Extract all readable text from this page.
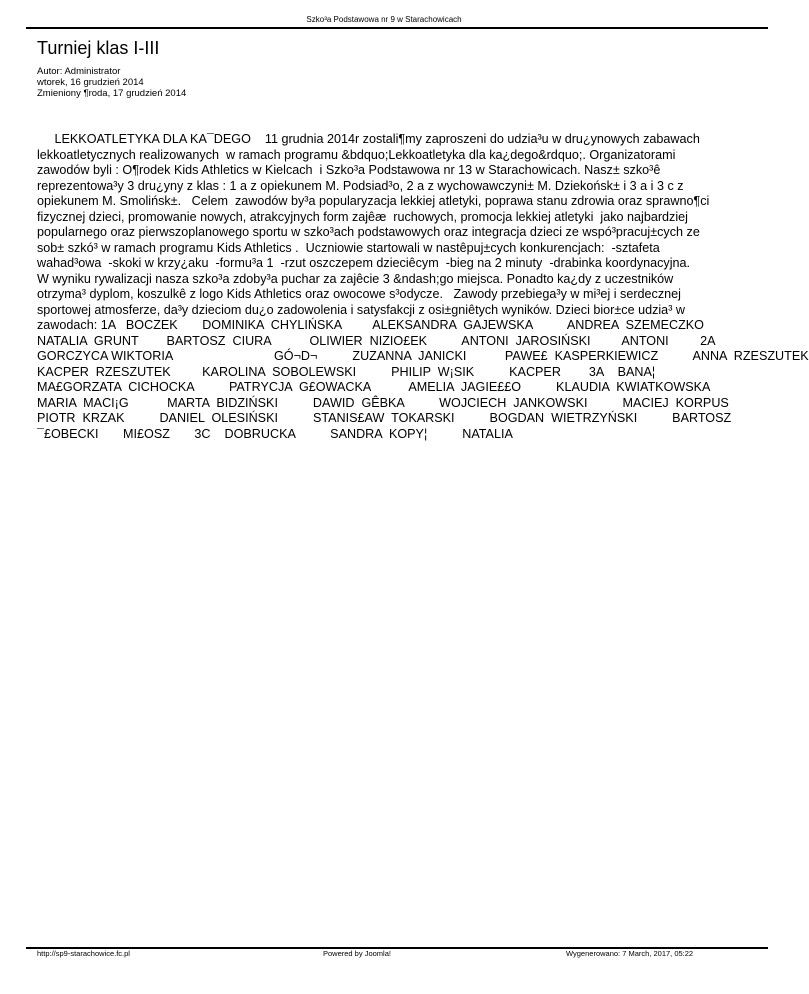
Szko³a Podstawowa nr 9 w Starachowicach
Turniej klas I-III
Autor: Administrator
wtorek, 16 grudzień 2014
Zmieniony ¶roda, 17 grudzień 2014
LEKKOATLETYKA DLA KA¯DEGO    11 grudnia 2014r zostali¶my zaproszeni do udzia³u w dru¿ynowych zabawach
lekkoatletycznych realizowanych  w ramach programu &bdquo;Lekkoatletyka dla ka¿dego&rdquo;. Organizatorami
zawodów byli : O¶rodek Kids Athletics w Kielcach  i Szko³a Podstawowa nr 13 w Starachowicach. Nasz± szko³ê
reprezentowa³y 3 dru¿yny z klas : 1 a z opiekunem M. Podsiad³o, 2 a z wychowawczyni± M. Dziekońsk± i 3 a i 3 c z
opiekunem M. Smolińsk±.   Celem  zawodów by³a popularyzacja lekkiej atletyki, poprawa stanu zdrowia oraz sprawno¶ci
fizycznej dzieci, promowanie nowych, atrakcyjnych form zajêæ  ruchowych, promocja lekkiej atletyki  jako najbardziej
popularnego oraz pierwszoplanowego sportu w szko³ach podstawowych oraz integracja dzieci ze wspó³pracuj±cych ze
sob± szkó³ w ramach programu Kids Athletics .  Uczniowie startowali w nastêpuj±cych konkurencjach:  -sztafeta
wahad³owa  -skoki w krzy¿aku  -formu³a 1  -rzut oszczepem dzieciêcym  -bieg na 2 minuty  -drabinka koordynacyjna.
W wyniku rywalizacji nasza szko³a zdoby³a puchar za zajêcie 3 &ndash;go miejsca. Ponadto ka¿dy z uczestników
otrzyma³ dyplom, koszulkê z logo Kids Athletics oraz owocowe s³odycze.   Zawody przebiega³y w mi³ej i serdecznej
sportowej atmosferze, da³y dzieciom du¿o zadowolenia i satysfakcji z osi±gniêtych wyników. Dzieci bior±ce udzia³ w
zawodach: 1A   BOCZEK       DOMINIKA  CHYLIŃSKA         ALEKSANDRA  GAJEWSKA          ANDREA  SZEMECZKO
NATALIA  GRUNT        BARTOSZ  CIURA           OLIWIER  NIZIO£EK          ANTONI  JAROSIŃSKI         ANTONI         2A
GORCZYCA WIKTORIA                             GÓ¬D¬          ZUZANNA  JANICKI           PAWE£  KASPERKIEWICZ          ANNA  RZESZUTEK
KACPER  RZESZUTEK         KAROLINA  SOBOLEWSKI          PHILIP  W¡SIK          KACPER        3A    BANA¦
MA£GORZATA  CICHOCKA          PATRYCJA  G£OWACKA           AMELIA  JAGIE££O          KLAUDIA  KWIATKOWSKA
MARIA  MACI¡G           MARTA  BIDZIŃSKI          DAWID  GÊBKA          WOJCIECH  JANKOWSKI          MACIEJ  KORPUS
PIOTR  KRZAK          DANIEL  OLESIŃSKI          STANIS£AW  TOKARSKI          BOGDAN  WIETRZYŃSKI          BARTOSZ
¯£OBECKI       MI£OSZ       3C    DOBRUCKA          SANDRA  KOPY¦          NATALIA
http://sp9-starachowice.fc.pl	Powered by Joomla!	Wygenerowano: 7 March, 2017, 05:22
